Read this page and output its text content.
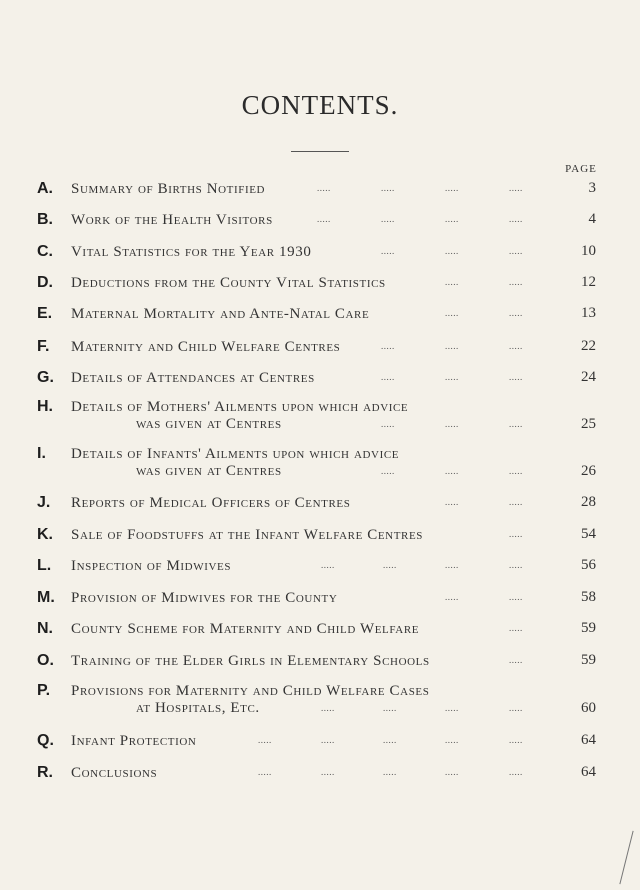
CONTENTS.
PAGE
A. Summary of Births Notified	.....	.....	.....	.....	3
B. Work of the Health Visitors	.....	.....	.....	.....	4
C. Vital Statistics for the Year 1930	.....	.....	.....	10
D. Deductions from the County Vital Statistics	.....	.....	12
E. Maternal Mortality and Ante-Natal Care	.....	.....	13
F. Maternity and Child Welfare Centres	.....	.....	.....	22
G. Details of Attendances at Centres	.....	.....	.....	24
H. Details of Mothers' Ailments upon which advice
was given at Centres	.....	.....	.....	25
I. Details of Infants' Ailments upon which advice
was given at Centres	.....	.....	.....	26
J. Reports of Medical Officers of Centres	.....	.....	28
K. Sale of Foodstuffs at the Infant Welfare Centres	.....	54
L. Inspection of Midwives	.....	.....	.....	.....	56
M. Provision of Midwives for the County	.....	.....	58
N. County Scheme for Maternity and Child Welfare	.....	59
O. Training of the Elder Girls in Elementary Schools	.....	59
P. Provisions for Maternity and Child Welfare Cases
at Hospitals, Etc.	.....	.....	.....	.....	60
Q. Infant Protection	.....	.....	.....	.....	.....	64
R. Conclusions	.....	.....	.....	.....	.....	64
